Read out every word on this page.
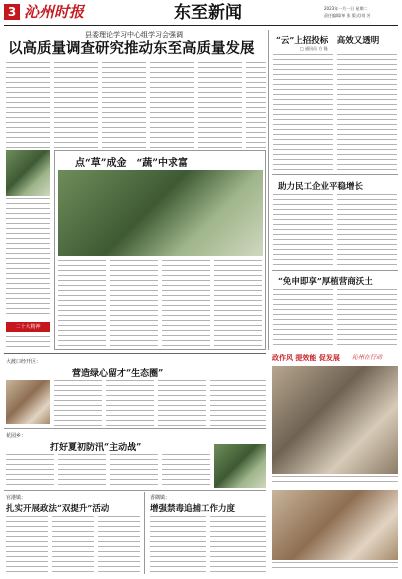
3 沁州时报	东至新闻	2023年一月一日 星期二
责任编辑/单 张 版式/刘 芳
县委理论学习中心组学习会强调
以高质量调查研究推动东至高质量发展	“云”上招投标　高效又透明
□ 通讯员 方 隆
助力民工企业平稳增长
“免申即享”厚植营商沃土
二十大精神
点“草”成金　“蔬”中求富
政作风 提效能 促发展 沁州在行动
大渡口经开区：
营造绿心留才“生态圈”
花园乡：
打好夏初防汛“主动战”
官港镇：
扎实开展政法“双提升”活动
香隅镇：
增强禁毒追捕工作力度
